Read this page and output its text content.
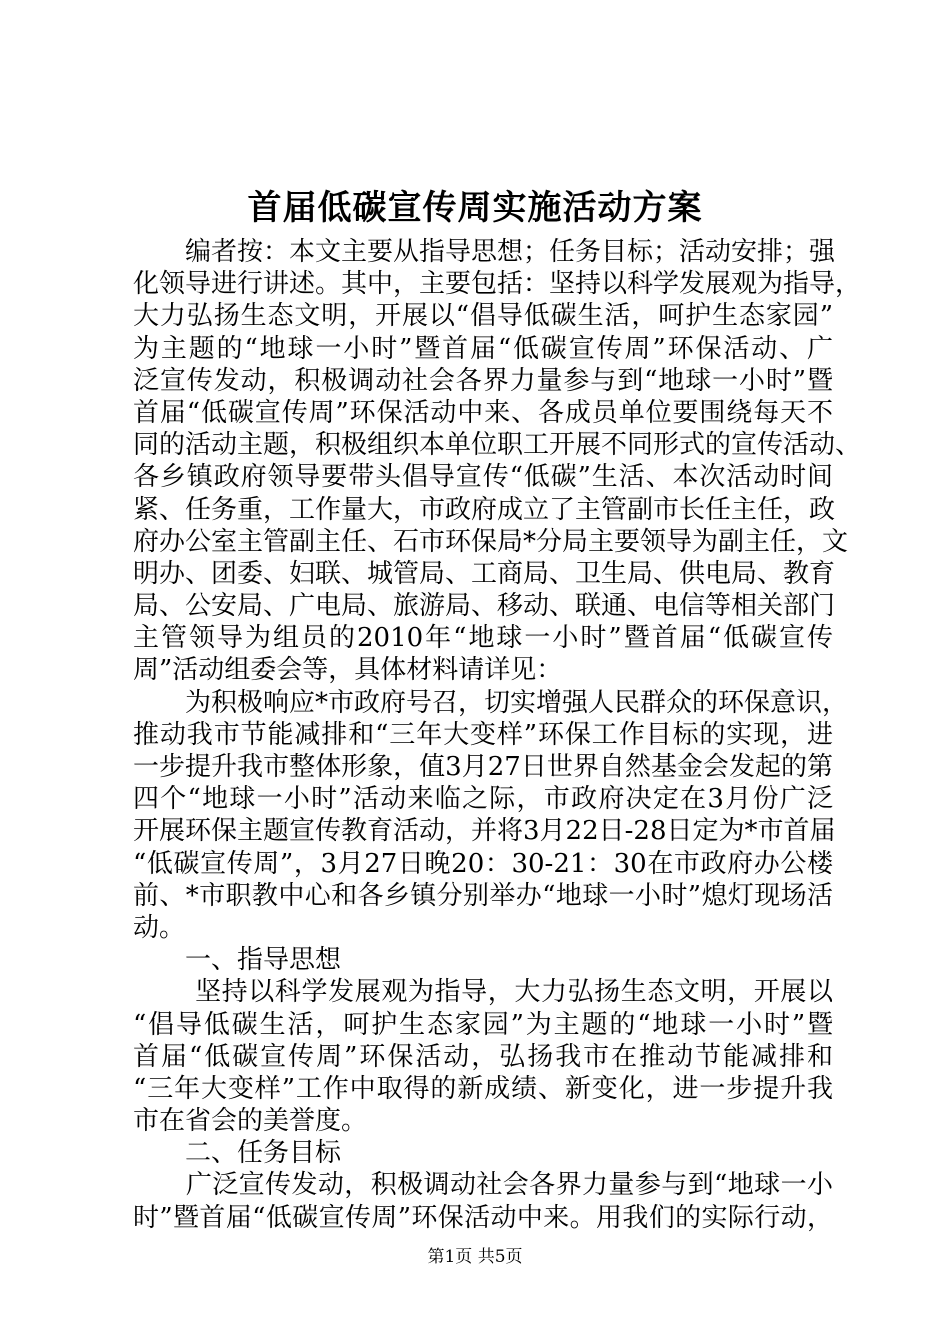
首届低碳宣传周实施活动方案
　　编者按：本文主要从指导思想；任务目标；活动安排；强
化领导进行讲述。其中，主要包括：坚持以科学发展观为指导，
大力弘扬生态文明，开展以“倡导低碳生活，呵护生态家园”
为主题的“地球一小时”暨首届“低碳宣传周”环保活动、广
泛宣传发动，积极调动社会各界力量参与到“地球一小时”暨
首届“低碳宣传周”环保活动中来、各成员单位要围绕每天不
同的活动主题，积极组织本单位职工开展不同形式的宣传活动、
各乡镇政府领导要带头倡导宣传“低碳”生活、本次活动时间
紧、任务重，工作量大，市政府成立了主管副市长任主任，政
府办公室主管副主任、石市环保局*分局主要领导为副主任，文
明办、团委、妇联、城管局、工商局、卫生局、供电局、教育
局、公安局、广电局、旅游局、移动、联通、电信等相关部门
主管领导为组员的2010年“地球一小时”暨首届“低碳宣传
周”活动组委会等，具体材料请详见：
　　为积极响应*市政府号召，切实增强人民群众的环保意识，
推动我市节能减排和“三年大变样”环保工作目标的实现，进
一步提升我市整体形象，值3月27日世界自然基金会发起的第
四个“地球一小时”活动来临之际，市政府决定在3月份广泛
开展环保主题宣传教育活动，并将3月22日-28日定为*市首届
“低碳宣传周”，3月27日晚20：30-21：30在市政府办公楼
前、*市职教中心和各乡镇分别举办“地球一小时”熄灯现场活
动。
　　一、指导思想
　　 坚持以科学发展观为指导，大力弘扬生态文明，开展以
“倡导低碳生活，呵护生态家园”为主题的“地球一小时”暨
首届“低碳宣传周”环保活动，弘扬我市在推动节能减排和
“三年大变样”工作中取得的新成绩、新变化，进一步提升我
市在省会的美誉度。
　　二、任务目标
　　广泛宣传发动，积极调动社会各界力量参与到“地球一小
时”暨首届“低碳宣传周”环保活动中来。用我们的实际行动，
第1页 共5页
